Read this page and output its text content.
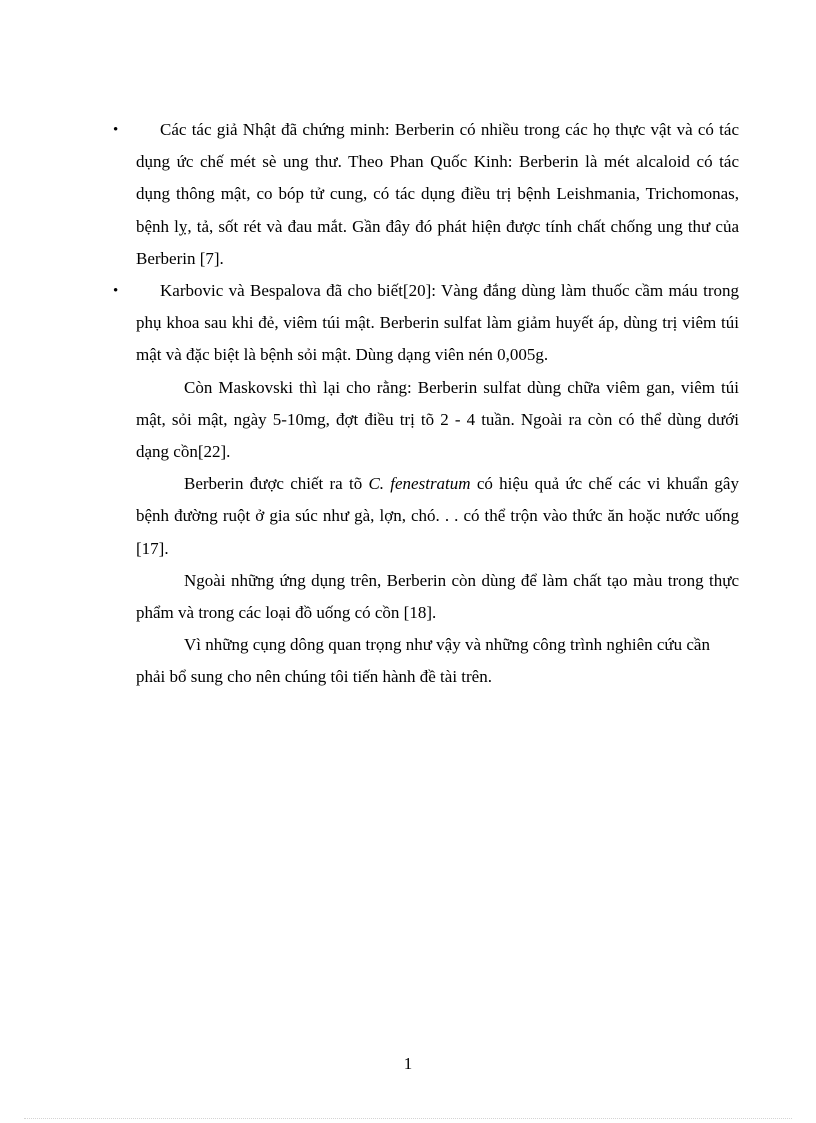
• Các tác giả Nhật đã chứng minh: Berberin có nhiều trong các họ thực vật và có tác dụng ức chế mét sè ung thư. Theo Phan Quốc Kinh: Berberin là mét alcaloid có tác dụng thông mật, co bóp tử cung, có tác dụng điều trị bệnh Leishmania, Trichomonas, bệnh lỵ, tả, sốt rét và đau mắt. Gần đây đó phát hiện được tính chất chống ung thư của Berberin [7].

• Karbovic và Bespalova đã cho biết[20]: Vàng đắng dùng làm thuốc cầm máu trong phụ khoa sau khi đẻ, viêm túi mật. Berberin sulfat làm giảm huyết áp, dùng trị viêm túi mật và đặc biệt là bệnh sỏi mật. Dùng dạng viên nén 0,005g.

Còn Maskovski thì lại cho rằng: Berberin sulfat dùng chữa viêm gan, viêm túi mật, sỏi mật, ngày 5-10mg, đợt điều trị tõ 2 - 4 tuần. Ngoài ra còn có thể dùng dưới dạng cồn[22].

Berberin được chiết ra tõ C. fenestratum có hiệu quả ức chế các vi khuẩn gây bệnh đường ruột ở gia súc như gà, lợn, chó. . . có thể trộn vào thức ăn hoặc nước uống [17].

Ngoài những ứng dụng trên, Berberin còn dùng để làm chất tạo màu trong thực phẩm và trong các loại đồ uống có cồn [18].

Vì những cụng dông quan trọng như vậy và những công trình nghiên cứu cần phải bổ sung cho nên chúng tôi tiến hành đề tài trên.

1
